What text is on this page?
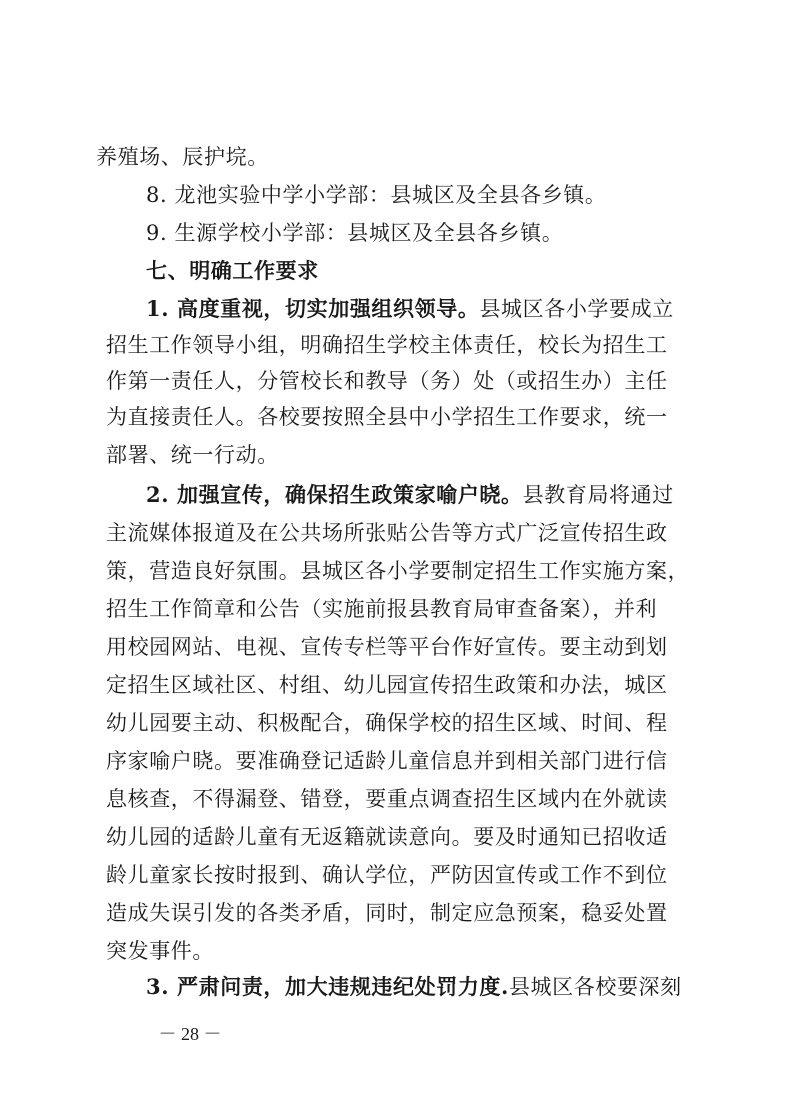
养殖场、辰护垸。

8. 龙池实验中学小学部：县城区及全县各乡镇。

9. 生源学校小学部：县城区及全县各乡镇。

七、明确工作要求

1. 高度重视，切实加强组织领导。县城区各小学要成立

招生工作领导小组，明确招生学校主体责任，校长为招生工

作第一责任人，分管校长和教导（务）处（或招生办）主任

为直接责任人。各校要按照全县中小学招生工作要求，统一

部署、统一行动。

2. 加强宣传，确保招生政策家喻户晓。县教育局将通过

主流媒体报道及在公共场所张贴公告等方式广泛宣传招生政

策，营造良好氛围。县城区各小学要制定招生工作实施方案，

招生工作简章和公告（实施前报县教育局审查备案），并利

用校园网站、电视、宣传专栏等平台作好宣传。要主动到划

定招生区域社区、村组、幼儿园宣传招生政策和办法，城区

幼儿园要主动、积极配合，确保学校的招生区域、时间、程

序家喻户晓。要准确登记适龄儿童信息并到相关部门进行信

息核查，不得漏登、错登，要重点调查招生区域内在外就读

幼儿园的适龄儿童有无返籍就读意向。要及时通知已招收适

龄儿童家长按时报到、确认学位，严防因宣传或工作不到位

造成失误引发的各类矛盾，同时，制定应急预案，稳妥处置

突发事件。

3. 严肃问责，加大违规违纪处罚力度.县城区各校要深刻

－ 28 －
